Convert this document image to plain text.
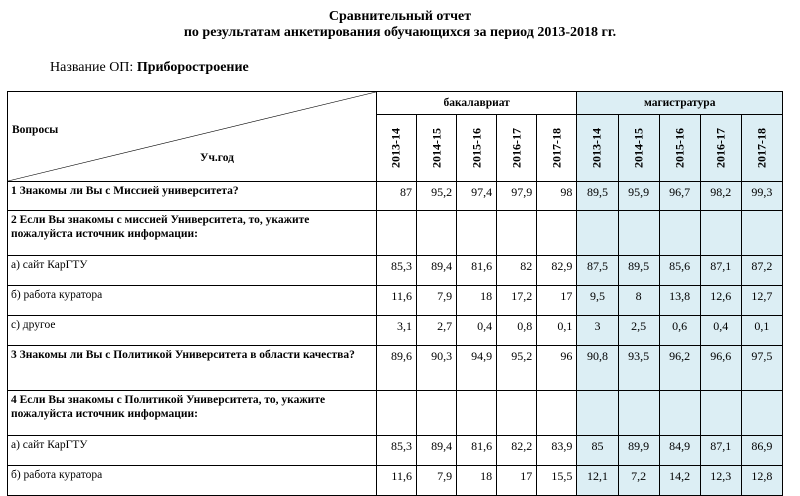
Сравнительный отчет
по результатам анкетирования обучающихся за период 2013-2018 гг.
Название ОП: Приборостроение
Вопросы
Уч.год	бакалавриат					магистратура				

	2013-14	2014-15	2015-16	2016-17	2017-18	2013-14	2014-15	2015-16	2016-17	2017-18

1 Знакомы ли Вы с Миссией университета?	87	95,2	97,4	97,9	98	89,5	95,9	96,7	98,2	99,3
2 Если Вы знакомы с миссией Университета, то, укажите пожалуйста источник информации:										
а) сайт КарГТУ	85,3	89,4	81,6	82	82,9	87,5	89,5	85,6	87,1	87,2
б) работа куратора	11,6	7,9	18	17,2	17	9,5	8	13,8	12,6	12,7
с) другое	3,1	2,7	0,4	0,8	0,1	3	2,5	0,6	0,4	0,1
3 Знакомы ли Вы с Политикой Университета в области качества?	89,6	90,3	94,9	95,2	96	90,8	93,5	96,2	96,6	97,5
4 Если Вы знакомы с Политикой Университета, то, укажите пожалуйста источник информации:										
а) сайт КарГТУ	85,3	89,4	81,6	82,2	83,9	85	89,9	84,9	87,1	86,9
б) работа куратора	11,6	7,9	18	17	15,5	12,1	7,2	14,2	12,3	12,8
